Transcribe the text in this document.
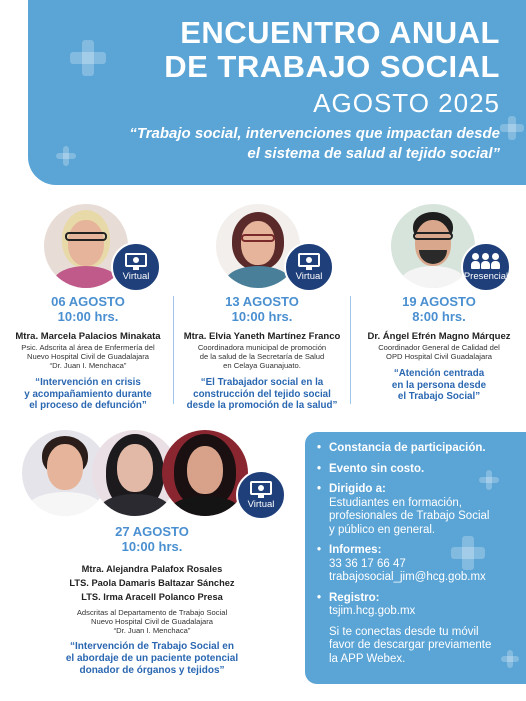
ENCUENTRO ANUAL
DE TRABAJO SOCIAL
AGOSTO 2025
“Trabajo social, intervenciones que impactan desde
el sistema de salud al tejido social”
Virtual
06 AGOSTO
10:00 hrs.
Mtra. Marcela Palacios Minakata
Psic. Adscrita al área de Enfermería del
Nuevo Hospital Civil de Guadalajara
“Dr. Juan I. Menchaca”
“Intervención en crisis
y acompañamiento durante
el proceso de defunción”
Virtual
13 AGOSTO
10:00 hrs.
Mtra. Elvia Yaneth Martínez Franco
Coordinadora municipal de promoción
de la salud de la Secretaría de Salud
en Celaya Guanajuato.
“El Trabajador social en la
construcción del tejido social
desde la promoción de la salud”
Presencial
19 AGOSTO
8:00 hrs.
Dr. Ángel Efrén Magno Márquez
Coordinador General de Calidad del
OPD Hospital Civil Guadalajara
“Atención centrada
en la persona desde
el Trabajo Social”
Virtual
27 AGOSTO
10:00 hrs.
Mtra. Alejandra Palafox Rosales
LTS. Paola Damaris Baltazar Sánchez
LTS. Irma Aracell Polanco Presa
Adscritas al Departamento de Trabajo Social
Nuevo Hospital Civil de Guadalajara
“Dr. Juan I. Menchaca”
“Intervención de Trabajo Social en
el abordaje de un paciente potencial
donador de órganos y tejidos”
• Constancia de participación.
• Evento sin costo.
• Dirigido a:
Estudiantes en formación,
profesionales de Trabajo Social
y público en general.
• Informes:
33 36 17 66 47
trabajosocial_jim@hcg.gob.mx
• Registro:
tsjim.hcg.gob.mx
Si te conectas desde tu móvil
favor de descargar previamente
la APP Webex.
